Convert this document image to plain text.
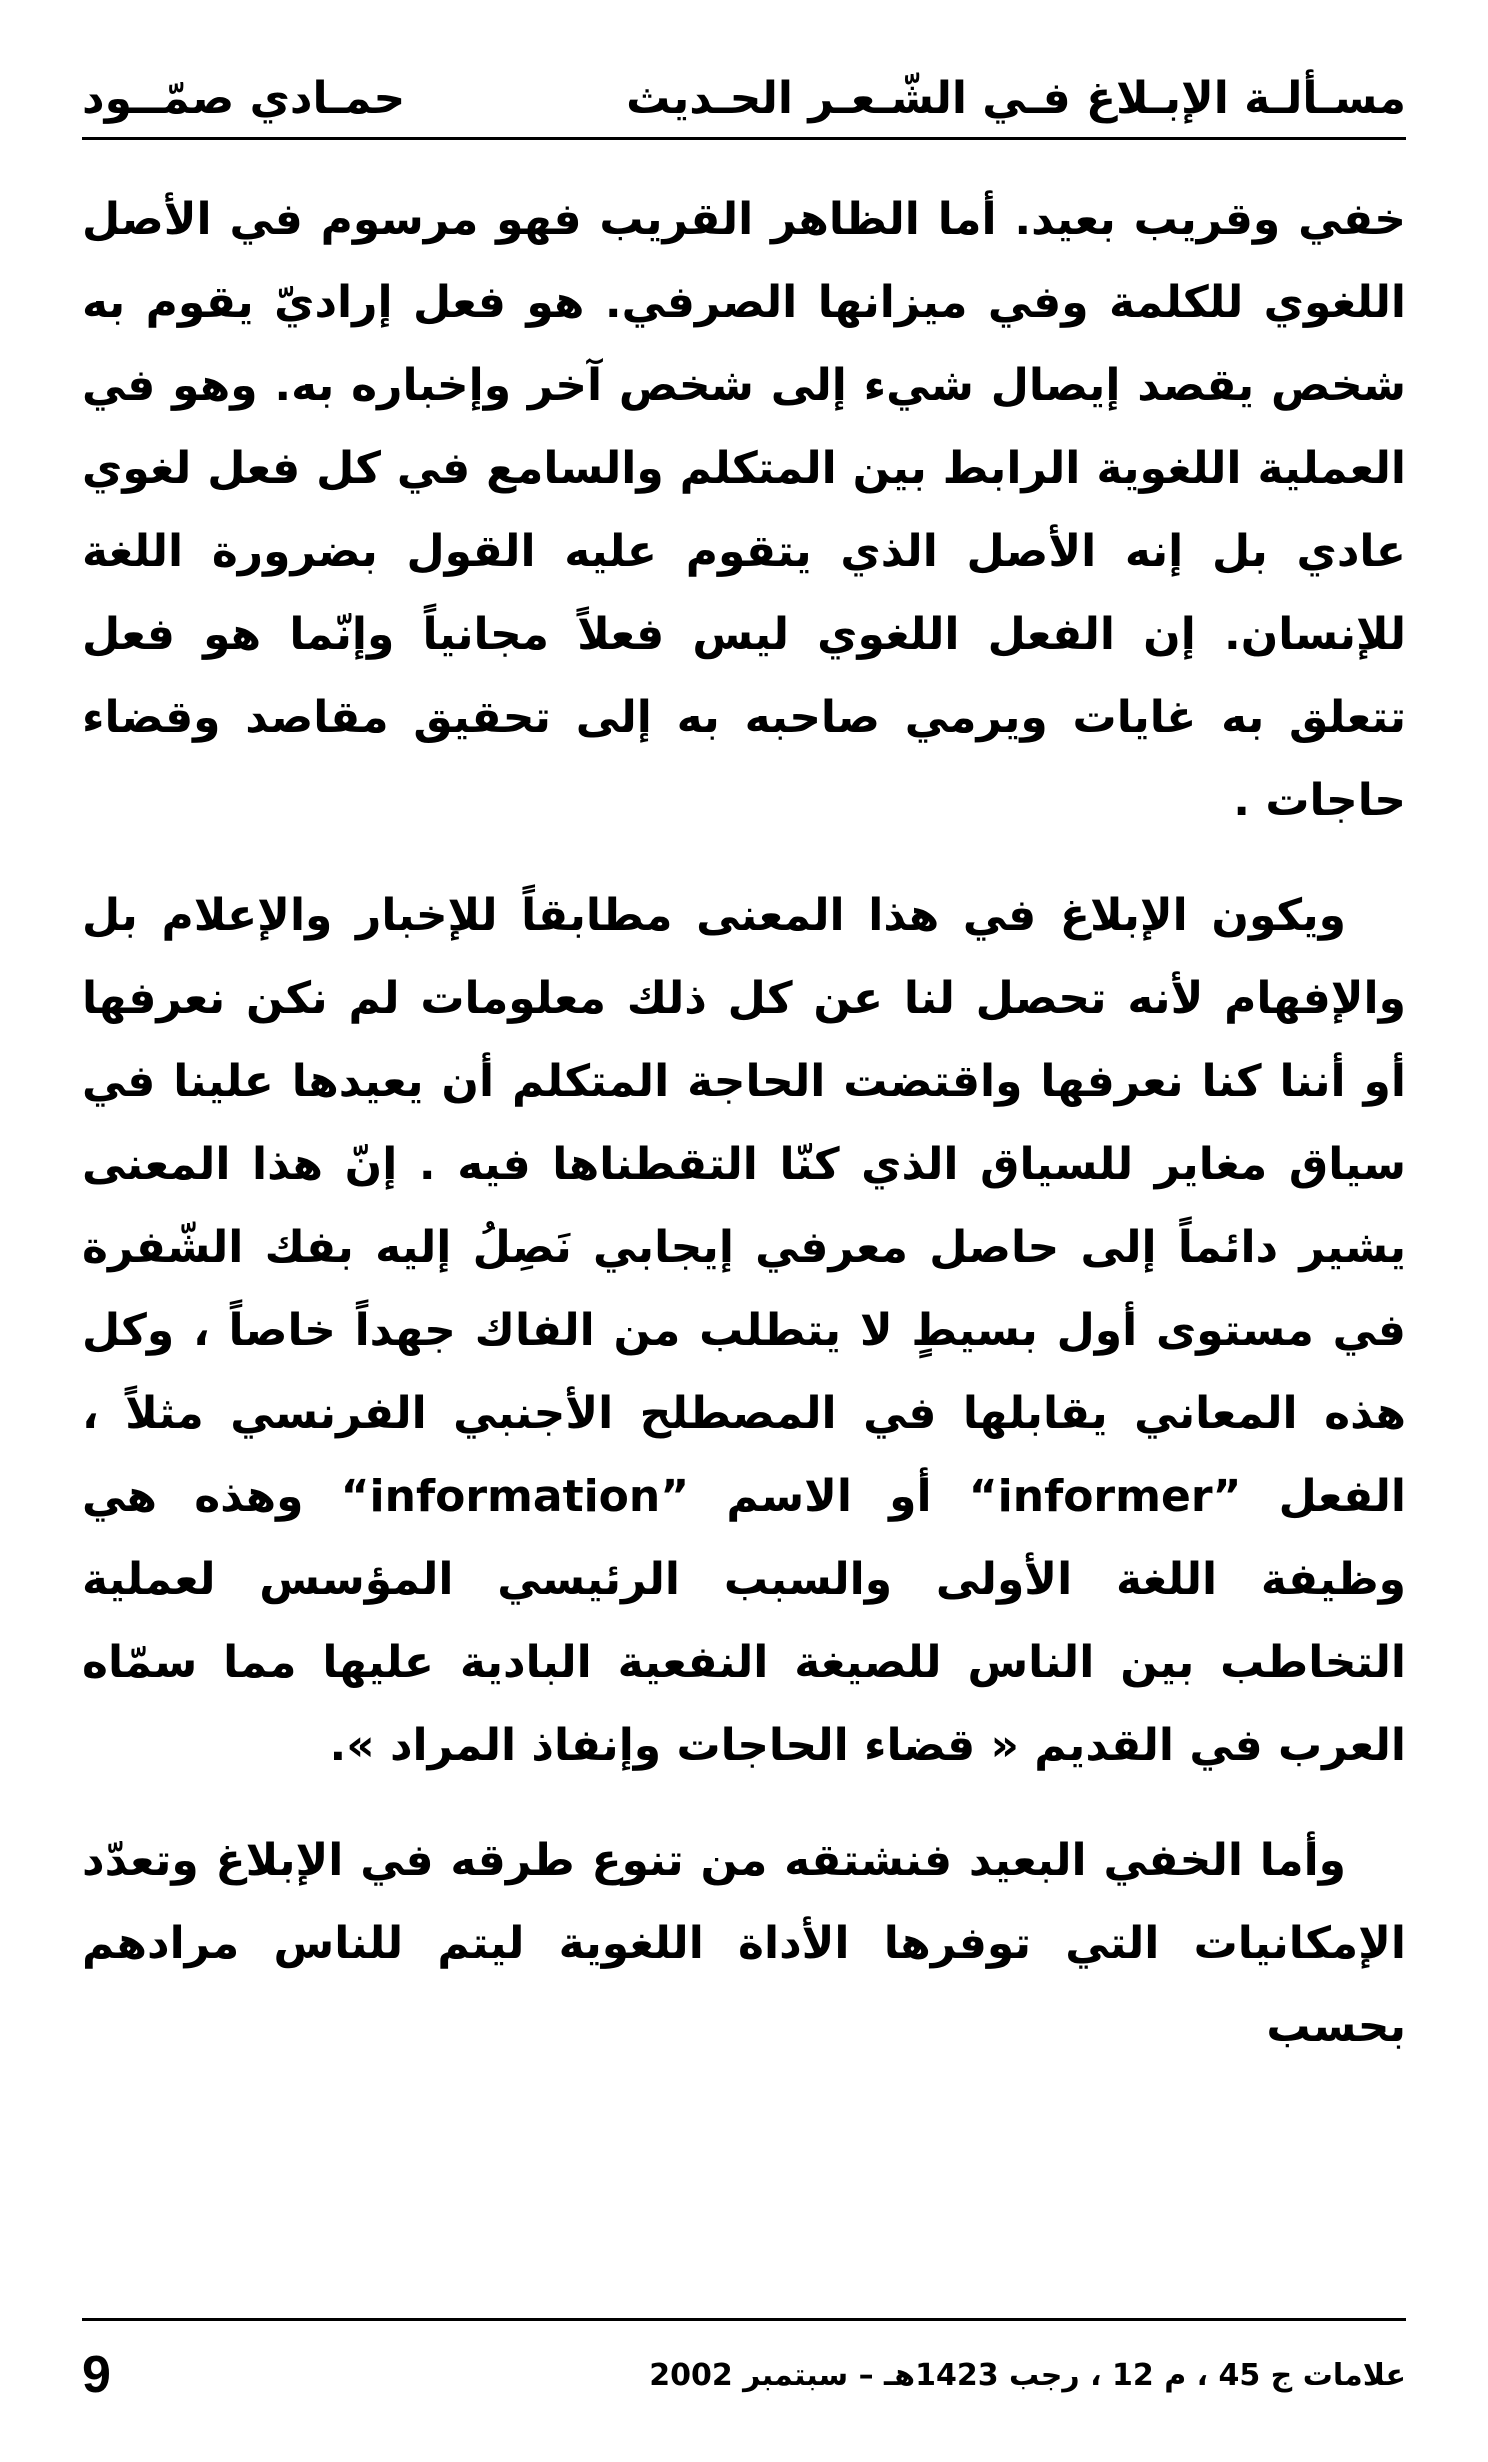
مسـألـة الإبـلاغ فـي الشّـعـر الحـديث
حمـادي صمّــود

خفي وقريب بعيد. أما الظاهر القريب فهو مرسوم في الأصل اللغوي للكلمة وفي ميزانها الصرفي. هو فعل إراديّ يقوم به شخص يقصد إيصال شيء إلى شخص آخر وإخباره به. وهو في العملية اللغوية الرابط بين المتكلم والسامع في كل فعل لغوي عادي بل إنه الأصل الذي يتقوم عليه القول بضرورة اللغة للإنسان. إن الفعل اللغوي ليس فعلاً مجانياً وإنّما هو فعل تتعلق به غايات ويرمي صاحبه به إلى تحقيق مقاصد وقضاء حاجات .

ويكون الإبلاغ في هذا المعنى مطابقاً للإخبار والإعلام بل والإفهام لأنه تحصل لنا عن كل ذلك معلومات لم نكن نعرفها أو أننا كنا نعرفها واقتضت الحاجة المتكلم أن يعيدها علينا في سياق مغاير للسياق الذي كنّا التقطناها فيه . إنّ هذا المعنى يشير دائماً إلى حاصل معرفي إيجابي نَصِلُ إليه بفك الشّفرة في مستوى أول بسيطٍ لا يتطلب من الفاك جهداً خاصاً ، وكل هذه المعاني يقابلها في المصطلح الأجنبي الفرنسي مثلاً ، الفعل ”informer“ أو الاسم ”information“ وهذه هي وظيفة اللغة الأولى والسبب الرئيسي المؤسس لعملية التخاطب بين الناس للصيغة النفعية البادية عليها مما سمّاه العرب في القديم « قضاء الحاجات وإنفاذ المراد ».

وأما الخفي البعيد فنشتقه من تنوع طرقه في الإبلاغ وتعدّد الإمكانيات التي توفرها الأداة اللغوية ليتم للناس مرادهم بحسب

علامات ج 45 ، م 12 ، رجب 1423هـ – سبتمبر 2002
9
